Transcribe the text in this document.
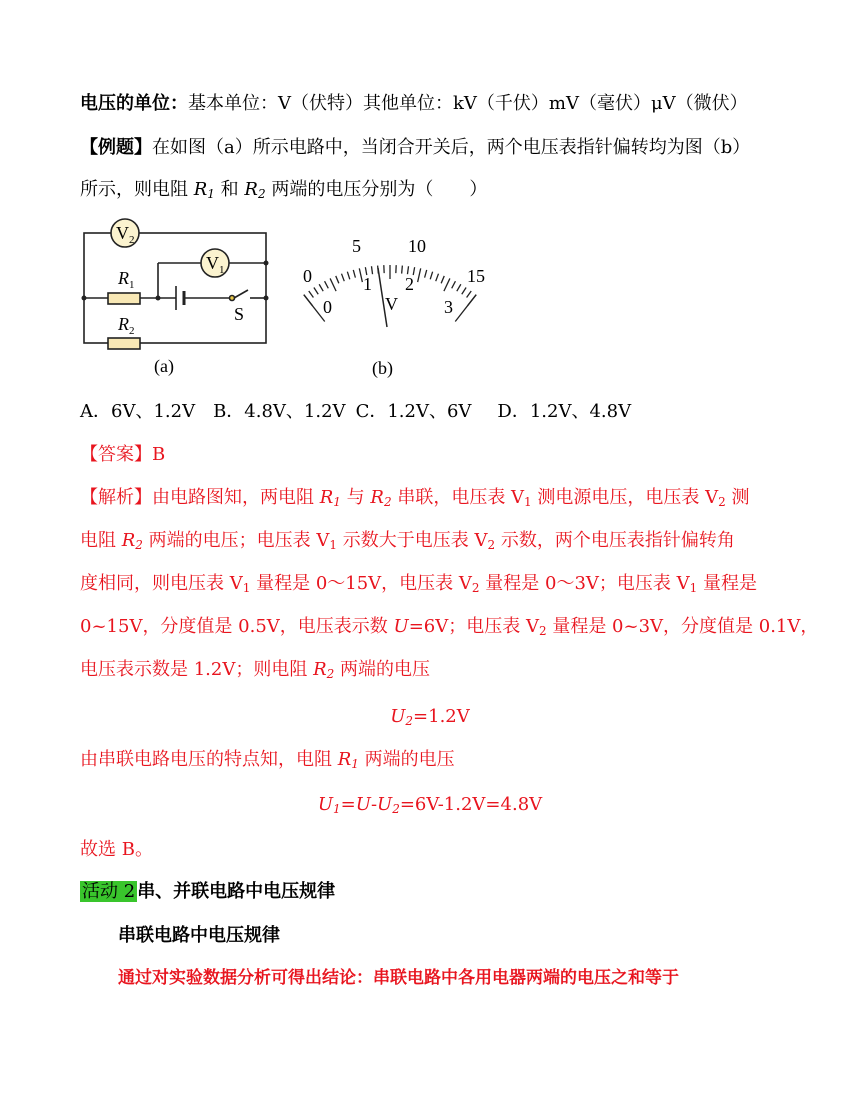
电压的单位：基本单位：V（伏特）其他单位：kV（千伏）mV（毫伏）μV（微伏）
【例题】在如图（a）所示电路中，当闭合开关后，两个电压表指针偏转均为图（b）
所示，则电阻 $R_1$ 和 $R_2$ 两端的电压分别为（　　）
$V_2$
$V_1$
$R_1$
$R_2$
S
(a)
0
5	10
15
0
1 2
3
V
(b)
A．6V、1.2V B．4.8V、1.2V C．1.2V、6V D．1.2V、4.8V
【答案】B
【解析】由电路图知，两电阻 $R_1$ 与 $R_2$ 串联，电压表 $V_1$ 测电源电压，电压表 $V_2$ 测
电阻 $R_2$ 两端的电压；电压表 $V_1$ 示数大于电压表 $V_2$ 示数，两个电压表指针偏转角
度相同，则电压表 $V_1$ 量程是 0～15V，电压表 $V_2$ 量程是 0～3V；电压表 $V_1$ 量程是
0~15V，分度值是 0.5V，电压表示数 U=6V；电压表 $V_2$ 量程是 0~3V，分度值是 0.1V，
电压表示数是 1.2V；则电阻 $R_2$ 两端的电压
$U_2=1.2V$
由串联电路电压的特点知，电阻 $R_1$ 两端的电压
$U_1=U-U_2=6V-1.2V=4.8V$
故选 B。
活动 2 串、并联电路中电压规律
串联电路中电压规律
通过对实验数据分析可得出结论：串联电路中各用电器两端的电压之和等于
